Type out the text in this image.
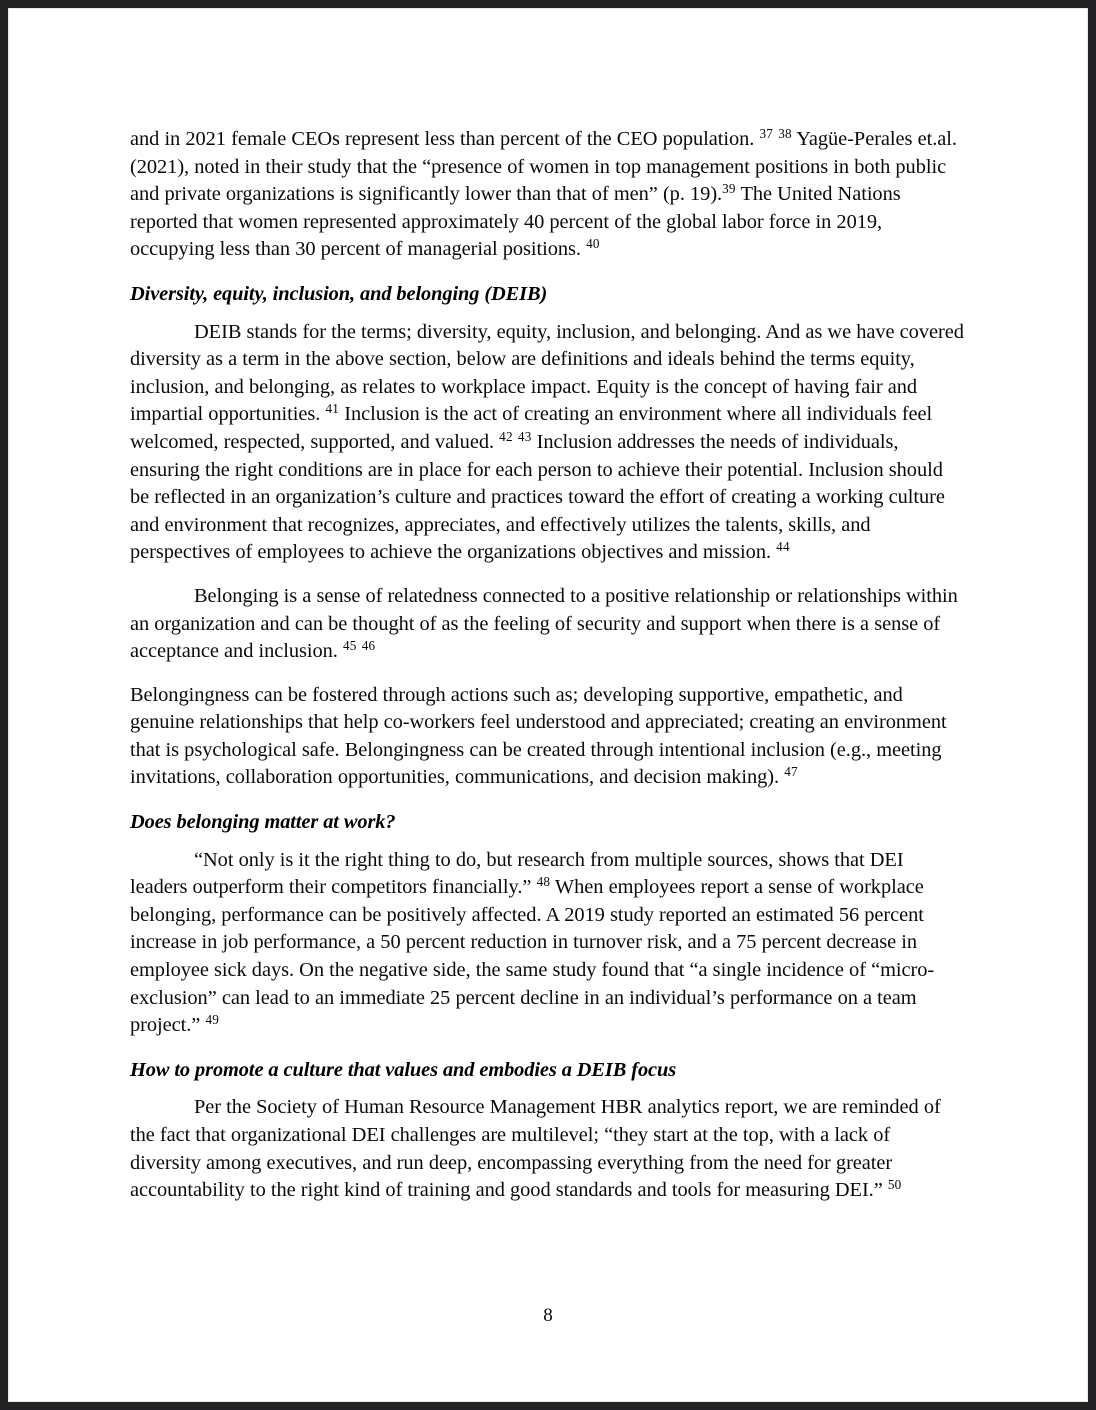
and in 2021 female CEOs represent less than percent of the CEO population. $^{37}$ $^{38}$ Yagüe-Perales et.al. (2021), noted in their study that the “presence of women in top management positions in both public and private organizations is significantly lower than that of men” (p. 19).$^{39}$ The United Nations reported that women represented approximately 40 percent of the global labor force in 2019, occupying less than 30 percent of managerial positions. $^{40}$

Diversity, equity, inclusion, and belonging (DEIB)

DEIB stands for the terms; diversity, equity, inclusion, and belonging. And as we have covered diversity as a term in the above section, below are definitions and ideals behind the terms equity, inclusion, and belonging, as relates to workplace impact. Equity is the concept of having fair and impartial opportunities. $^{41}$ Inclusion is the act of creating an environment where all individuals feel welcomed, respected, supported, and valued. $^{42}$ $^{43}$ Inclusion addresses the needs of individuals, ensuring the right conditions are in place for each person to achieve their potential. Inclusion should be reflected in an organization’s culture and practices toward the effort of creating a working culture and environment that recognizes, appreciates, and effectively utilizes the talents, skills, and perspectives of employees to achieve the organizations objectives and mission. $^{44}$

Belonging is a sense of relatedness connected to a positive relationship or relationships within an organization and can be thought of as the feeling of security and support when there is a sense of acceptance and inclusion. $^{45}$ $^{46}$

Belongingness can be fostered through actions such as; developing supportive, empathetic, and genuine relationships that help co-workers feel understood and appreciated; creating an environment that is psychological safe. Belongingness can be created through intentional inclusion (e.g., meeting invitations, collaboration opportunities, communications, and decision making). $^{47}$

Does belonging matter at work?

“Not only is it the right thing to do, but research from multiple sources, shows that DEI leaders outperform their competitors financially.” $^{48}$ When employees report a sense of workplace belonging, performance can be positively affected. A 2019 study reported an estimated 56 percent increase in job performance, a 50 percent reduction in turnover risk, and a 75 percent decrease in employee sick days. On the negative side, the same study found that “a single incidence of “micro-exclusion” can lead to an immediate 25 percent decline in an individual’s performance on a team project.” $^{49}$

How to promote a culture that values and embodies a DEIB focus

Per the Society of Human Resource Management HBR analytics report, we are reminded of the fact that organizational DEI challenges are multilevel; “they start at the top, with a lack of diversity among executives, and run deep, encompassing everything from the need for greater accountability to the right kind of training and good standards and tools for measuring DEI.” $^{50}$

8
